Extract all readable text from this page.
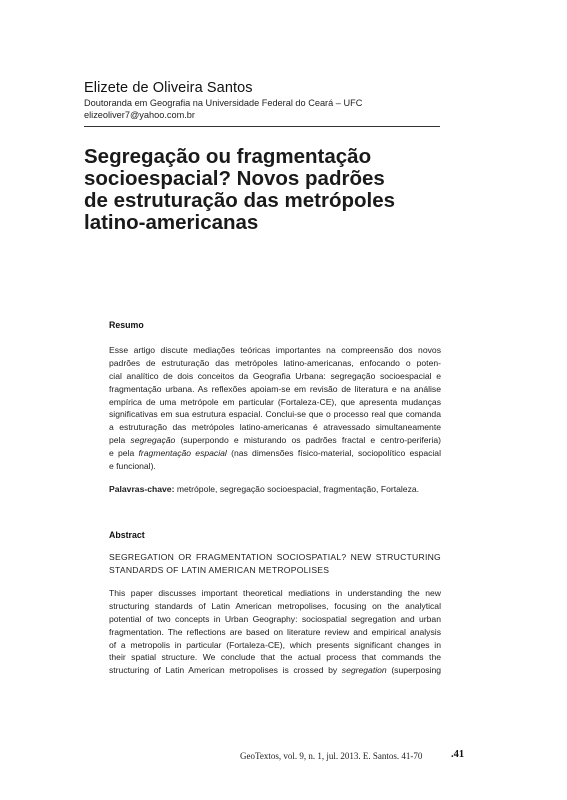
Elizete de Oliveira Santos
Doutoranda em Geografia na Universidade Federal do Ceará – UFC
elizeoliver7@yahoo.com.br
Segregação ou fragmentação
socioespacial? Novos padrões
de estruturação das metrópoles
latino-americanas
Resumo
Esse artigo discute mediações teóricas importantes na compreensão dos novos
padrões de estruturação das metrópoles latino-americanas, enfocando o poten-
cial analítico de dois conceitos da Geografia Urbana: segregação socioespacial e
fragmentação urbana. As reflexões apoiam-se em revisão de literatura e na análise
empírica de uma metrópole em particular (Fortaleza-CE), que apresenta mudanças
significativas em sua estrutura espacial. Conclui-se que o processo real que comanda
a estruturação das metrópoles latino-americanas é atravessado simultaneamente
pela segregação (superpondo e misturando os padrões fractal e centro-periferia)
e pela fragmentação espacial (nas dimensões físico-material, sociopolítico espacial
e funcional).
Palavras-chave: metrópole, segregação socioespacial, fragmentação, Fortaleza.
Abstract
SEGREGATION OR FRAGMENTATION SOCIOSPATIAL? NEW STRUCTURING
STANDARDS OF LATIN AMERICAN METROPOLISES
This paper discusses important theoretical mediations in understanding the new
structuring standards of Latin American metropolises, focusing on the analytical
potential of two concepts in Urban Geography: sociospatial segregation and urban
fragmentation. The reflections are based on literature review and empirical analysis
of a metropolis in particular (Fortaleza-CE), which presents significant changes in
their spatial structure. We conclude that the actual process that commands the
structuring of Latin American metropolises is crossed by segregation (superposing
GeoTextos, vol. 9, n. 1, jul. 2013. E. Santos. 41-70	.41
